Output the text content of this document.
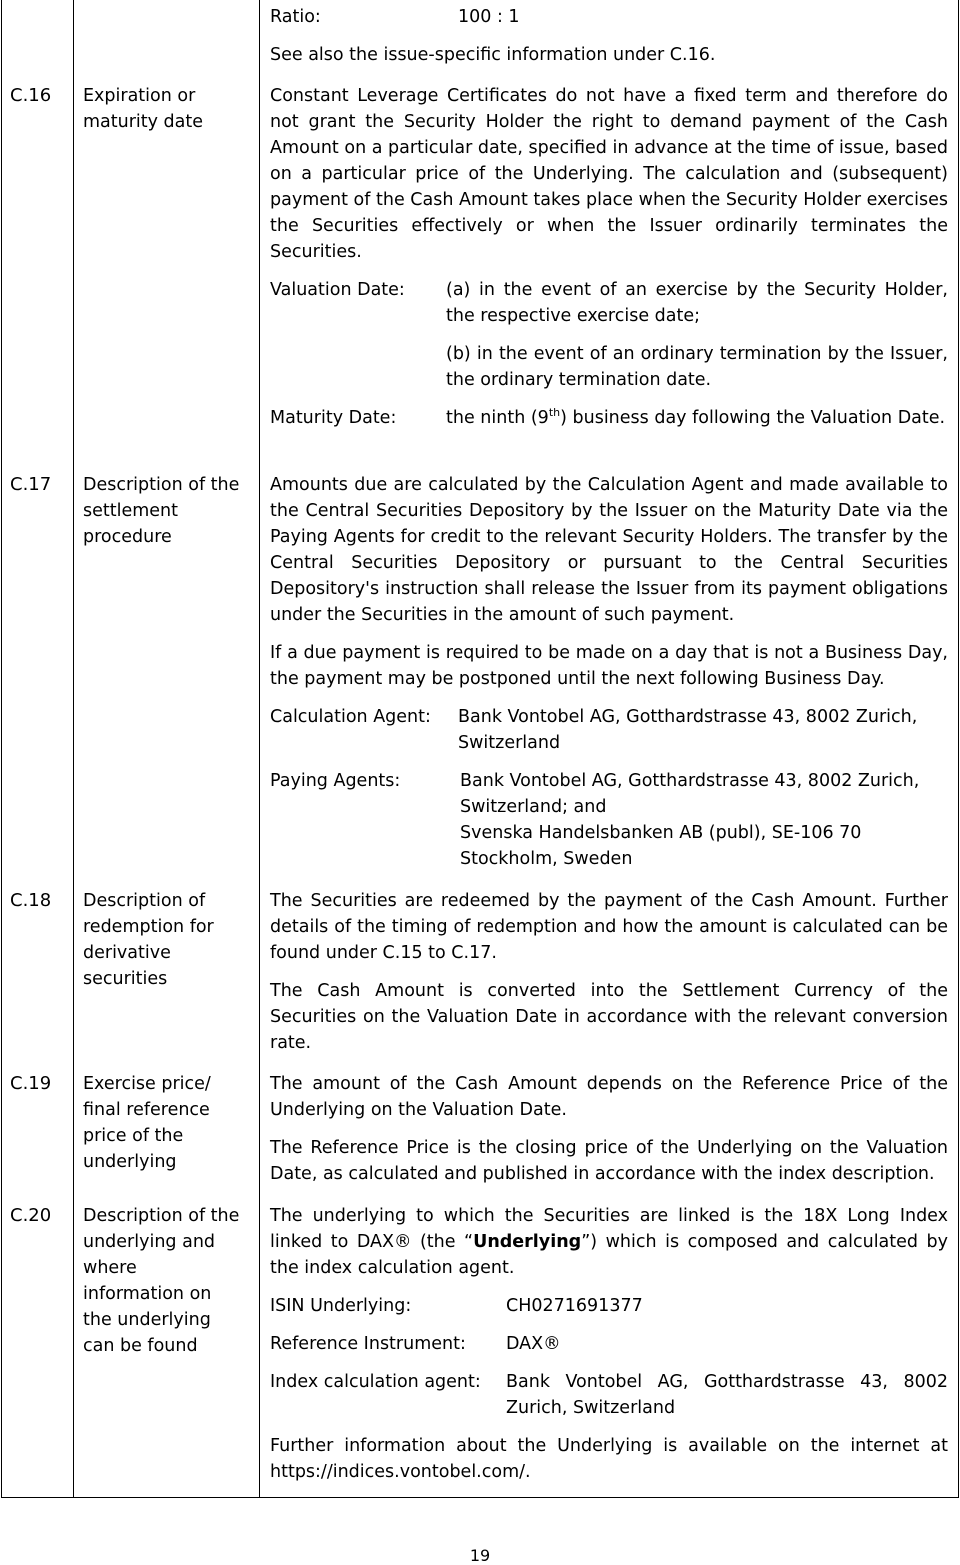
Ratio:	100 : 1

See also the issue-specific information under C.16.

C.16	Expiration or maturity date

Constant Leverage Certificates do not have a fixed term and therefore do not grant the Security Holder the right to demand payment of the Cash Amount on a particular date, specified in advance at the time of issue, based on a particular price of the Underlying. The calculation and (subsequent) payment of the Cash Amount takes place when the Security Holder exercises the Securities effectively or when the Issuer ordinarily terminates the Securities.

Valuation Date:	(a) in the event of an exercise by the Security Holder, the respective exercise date;
(b) in the event of an ordinary termination by the Issuer, the ordinary termination date.
Maturity Date:	the ninth (9th) business day following the Valuation Date.
C.17	Description of the settlement procedure

Amounts due are calculated by the Calculation Agent and made available to the Central Securities Depository by the Issuer on the Maturity Date via the Paying Agents for credit to the relevant Security Holders. The transfer by the Central Securities Depository or pursuant to the Central Securities Depository's instruction shall release the Issuer from its payment obligations under the Securities in the amount of such payment.

If a due payment is required to be made on a day that is not a Business Day, the payment may be postponed until the next following Business Day.

Calculation Agent:	Bank Vontobel AG, Gotthardstrasse 43, 8002 Zurich, Switzerland
Paying Agents:	Bank Vontobel AG, Gotthardstrasse 43, 8002 Zurich, Switzerland; and
Svenska Handelsbanken AB (publ), SE-106 70 Stockholm, Sweden
C.18	Description of redemption for derivative securities

The Securities are redeemed by the payment of the Cash Amount. Further details of the timing of redemption and how the amount is calculated can be found under C.15 to C.17.

The Cash Amount is converted into the Settlement Currency of the Securities on the Valuation Date in accordance with the relevant conversion rate.

C.19	Exercise price/ final reference price of the underlying

The amount of the Cash Amount depends on the Reference Price of the Underlying on the Valuation Date.

The Reference Price is the closing price of the Underlying on the Valuation Date, as calculated and published in accordance with the index description.

C.20	Description of the underlying and where information on the underlying can be found

The underlying to which the Securities are linked is the 18X Long Index linked to DAX® (the “Underlying”) which is composed and calculated by the index calculation agent.

ISIN Underlying:	CH0271691377
Reference Instrument:	DAX®
Index calculation agent:	Bank Vontobel AG, Gotthardstrasse 43, 8002 Zurich, Switzerland

Further information about the Underlying is available on the internet at https://indices.vontobel.com/.

19
